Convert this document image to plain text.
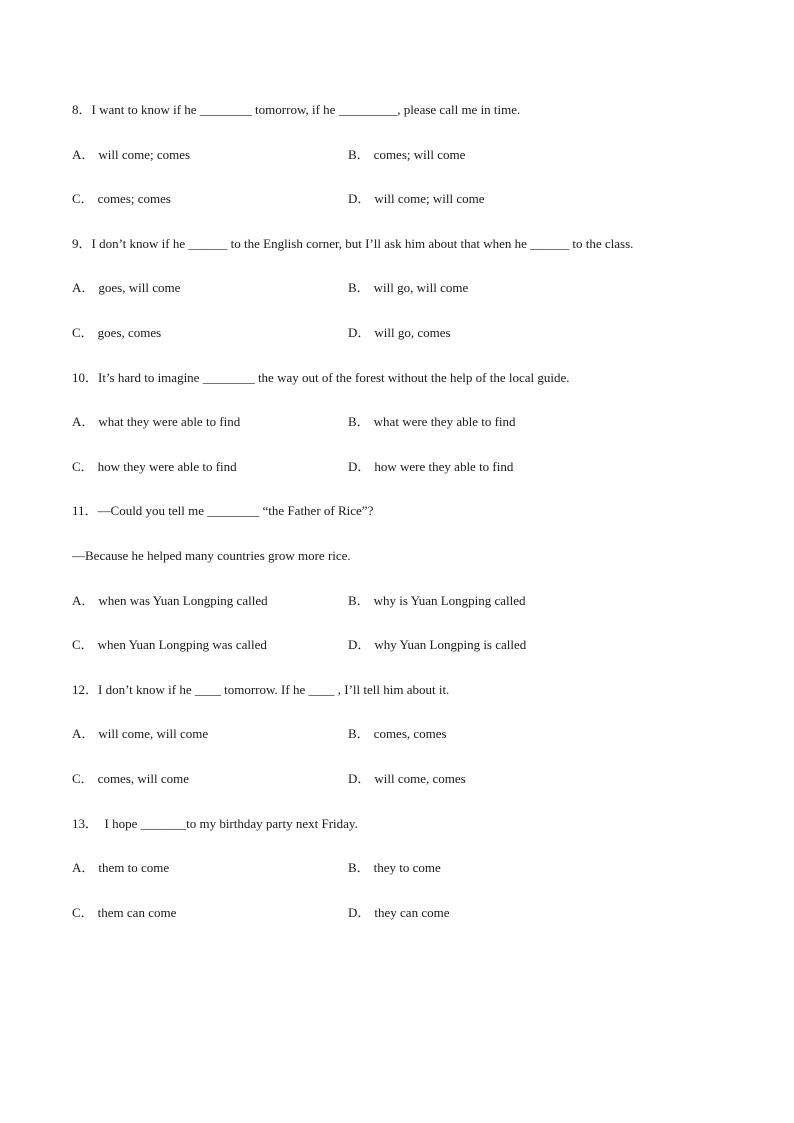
8．I want to know if he ________ tomorrow, if he _________, please call me in time.
A． will come; comes	B． comes; will come
C． comes; comes	D． will come; will come
9．I don’t know if he ______ to the English corner, but I’ll ask him about that when he ______ to the class.
A． goes, will come	B． will go, will come
C． goes, comes	D． will go, comes
10．It’s hard to imagine ________ the way out of the forest without the help of the local guide.
A． what they were able to find	B． what were they able to find
C． how they were able to find	D． how were they able to find
11．—Could you tell me ________ “the Father of Rice”?
—Because he helped many countries grow more rice.
A． when was Yuan Longping called	B． why is Yuan Longping called
C． when Yuan Longping was called	D． why Yuan Longping is called
12．I don’t know if he ____ tomorrow. If he ____ , I’ll tell him about it.
A． will come, will come	B． comes, comes
C． comes, will come	D． will come, comes
13．  I hope _______to my birthday party next Friday.
A． them to come	B． they to come
C． them can come	D． they can come
